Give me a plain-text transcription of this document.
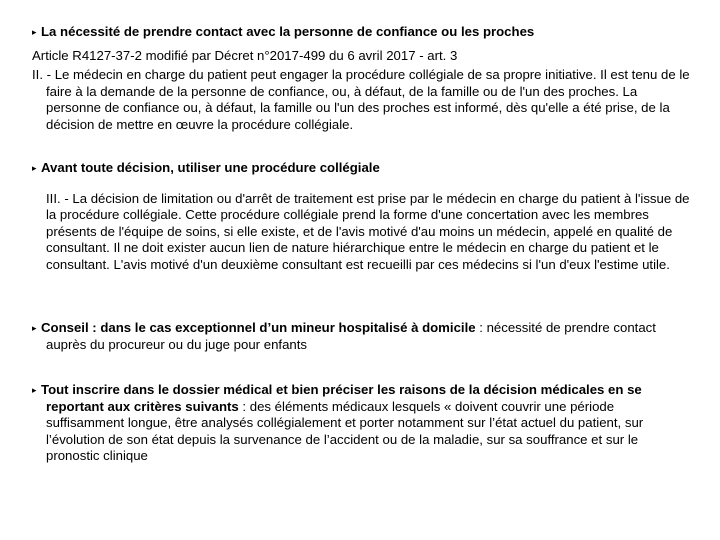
▸ La nécessité de prendre contact avec la personne de confiance ou les proches

Article R4127-37-2 modifié par Décret n°2017-499 du 6 avril 2017 - art. 3

II. - Le médecin en charge du patient peut engager la procédure collégiale de sa propre initiative. Il est tenu de le faire à la demande de la personne de confiance, ou, à défaut, de la famille ou de l'un des proches. La personne de confiance ou, à défaut, la famille ou l'un des proches est informé, dès qu'elle a été prise, de la décision de mettre en œuvre la procédure collégiale.

▸ Avant toute décision, utiliser une procédure collégiale

III. - La décision de limitation ou d'arrêt de traitement est prise par le médecin en charge du patient à l'issue de la procédure collégiale. Cette procédure collégiale prend la forme d'une concertation avec les membres présents de l'équipe de soins, si elle existe, et de l'avis motivé d'au moins un médecin, appelé en qualité de consultant. Il ne doit exister aucun lien de nature hiérarchique entre le médecin en charge du patient et le consultant. L'avis motivé d'un deuxième consultant est recueilli par ces médecins si l'un d'eux l'estime utile.

▸ Conseil : dans le cas exceptionnel d’un mineur hospitalisé à domicile : nécessité de prendre contact auprès du procureur ou du juge pour enfants

▸ Tout inscrire dans le dossier médical et bien préciser les raisons de la décision médicales en se reportant aux critères suivants : des éléments médicaux lesquels « doivent couvrir une période suffisamment longue, être analysés collégialement et porter notamment sur l’état actuel du patient, sur l’évolution de son état depuis la survenance de l’accident ou de la maladie, sur sa souffrance et sur le pronostic clinique
